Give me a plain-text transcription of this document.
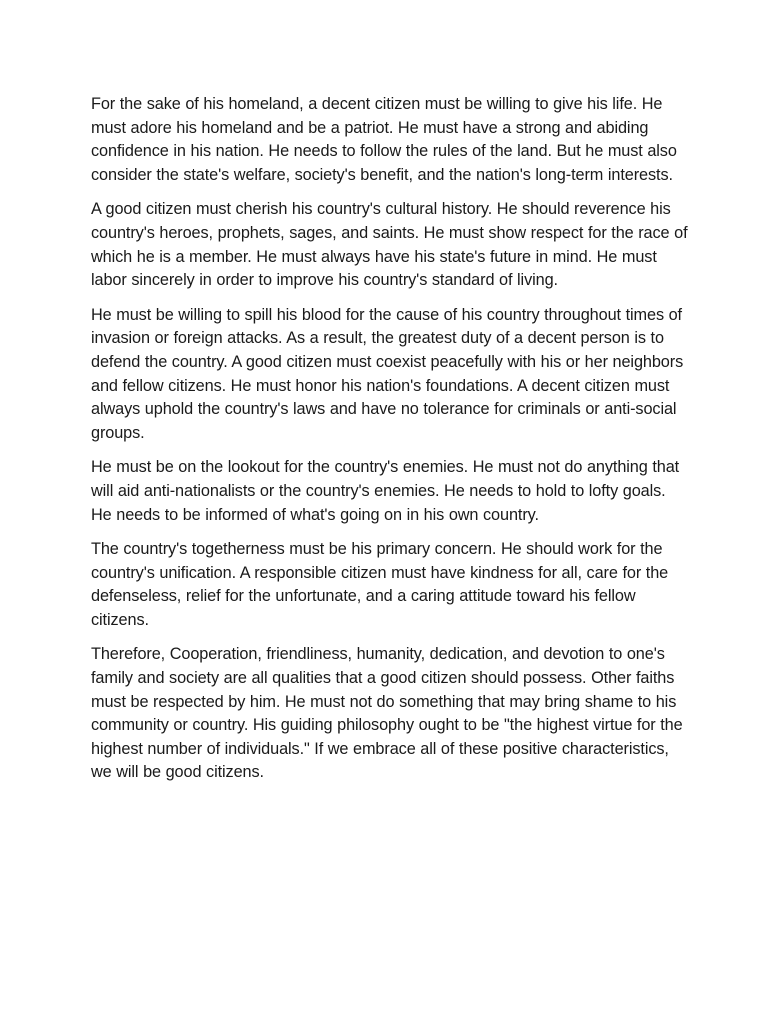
For the sake of his homeland, a decent citizen must be willing to give his life. He must adore his homeland and be a patriot. He must have a strong and abiding confidence in his nation. He needs to follow the rules of the land. But he must also consider the state's welfare, society's benefit, and the nation's long-term interests.

A good citizen must cherish his country's cultural history. He should reverence his country's heroes, prophets, sages, and saints. He must show respect for the race of which he is a member. He must always have his state's future in mind. He must labor sincerely in order to improve his country's standard of living.

He must be willing to spill his blood for the cause of his country throughout times of invasion or foreign attacks. As a result, the greatest duty of a decent person is to defend the country. A good citizen must coexist peacefully with his or her neighbors and fellow citizens. He must honor his nation's foundations. A decent citizen must always uphold the country's laws and have no tolerance for criminals or anti-social groups.

He must be on the lookout for the country's enemies. He must not do anything that will aid anti-nationalists or the country's enemies. He needs to hold to lofty goals. He needs to be informed of what's going on in his own country.

The country's togetherness must be his primary concern. He should work for the country's unification. A responsible citizen must have kindness for all, care for the defenseless, relief for the unfortunate, and a caring attitude toward his fellow citizens.

Therefore, Cooperation, friendliness, humanity, dedication, and devotion to one's family and society are all qualities that a good citizen should possess. Other faiths must be respected by him. He must not do something that may bring shame to his community or country. His guiding philosophy ought to be "the highest virtue for the highest number of individuals." If we embrace all of these positive characteristics, we will be good citizens.
